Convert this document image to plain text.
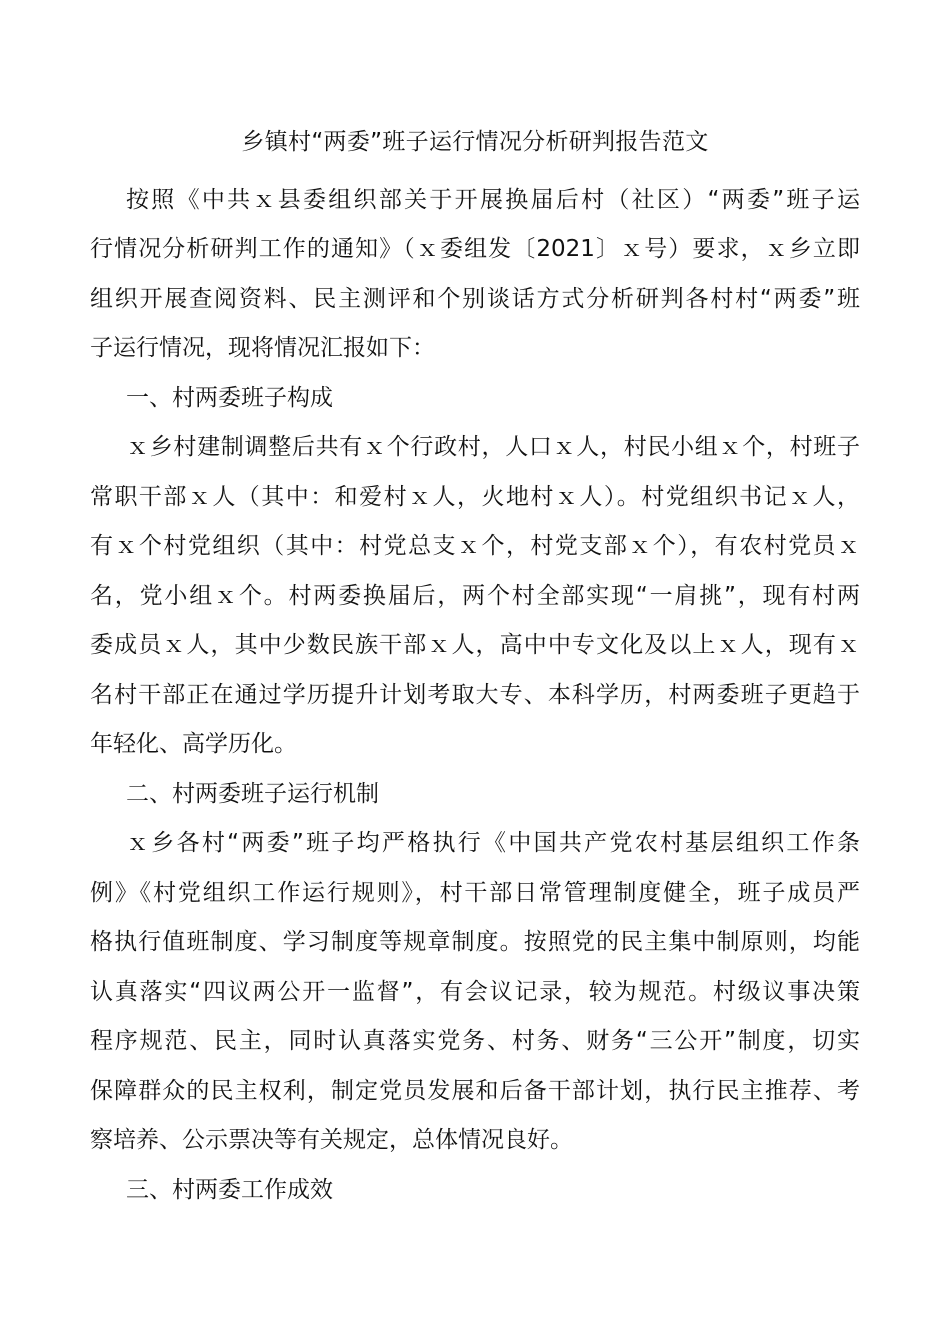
乡镇村“两委”班子运行情况分析研判报告范文
按照《中共ｘ县委组织部关于开展换届后村（社区）“两委”班子运
行情况分析研判工作的通知》（ｘ委组发〔2021〕ｘ号）要求，ｘ乡立即
组织开展查阅资料、民主测评和个别谈话方式分析研判各村村“两委”班
子运行情况，现将情况汇报如下：
一、村两委班子构成
ｘ乡村建制调整后共有ｘ个行政村，人口ｘ人，村民小组ｘ个，村班子
常职干部ｘ人（其中：和爱村ｘ人，火地村ｘ人）。村党组织书记ｘ人，
有ｘ个村党组织（其中：村党总支ｘ个，村党支部ｘ个），有农村党员ｘ
名，党小组ｘ个。村两委换届后，两个村全部实现“一肩挑”，现有村两
委成员ｘ人，其中少数民族干部ｘ人，高中中专文化及以上ｘ人，现有ｘ
名村干部正在通过学历提升计划考取大专、本科学历，村两委班子更趋于
年轻化、高学历化。
二、村两委班子运行机制
ｘ乡各村“两委”班子均严格执行《中国共产党农村基层组织工作条
例》《村党组织工作运行规则》，村干部日常管理制度健全，班子成员严
格执行值班制度、学习制度等规章制度。按照党的民主集中制原则，均能
认真落实“四议两公开一监督”，有会议记录，较为规范。村级议事决策
程序规范、民主，同时认真落实党务、村务、财务“三公开”制度，切实
保障群众的民主权利，制定党员发展和后备干部计划，执行民主推荐、考
察培养、公示票决等有关规定，总体情况良好。
三、村两委工作成效
